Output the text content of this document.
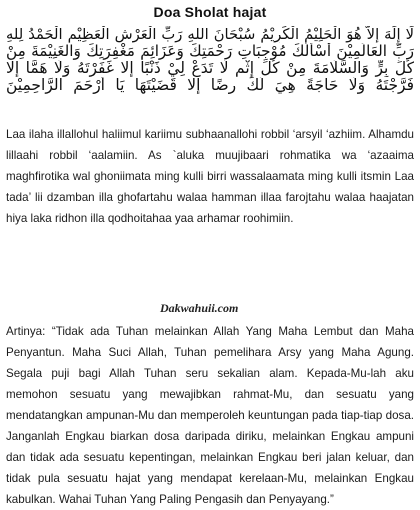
Doa Sholat hajat
لَا إِلَهَ إِلاَّ هُوَ الْحَلِيْمُ الْكَرِيْمُ سُبْحَانَ اللهِ رَبِّ الْعَرْشِ الْعَظِيْمِ الْحَمْدُ لِلهِ
رَبِّ الْعَالَمِيْنَ أَسْأَلُكَ مُوْجِبَاتِ رَحْمَتِكَ وَعَزَائِمَ مَغْفِرَتِكَ وَالْغَنِيْمَةَ مِنْ
كُلِّ بِرٍّ وَالسَّلَامَةَ مِنْ كُلِّ إِثْمٍ لَا تَدَعْ لِيْ ذَنْبًا إِلَّا غَفَرْتَهُ وَلَا هَمًّا إِلَّا
فَرَّجْتَهُ وَلَا حَاجَةً هِيَ لَكَ رِضًا إِلَّا قَضَيْتَهَا يَا أَرْحَمَ الرَّاحِمِيْنَ
Laa ilaha illallohul haliimul kariimu subhaanallohi robbil ‘arsyil ‘azhiim. Alhamdu lillaahi robbil ‘aalamiin. As `aluka muujibaari rohmatika wa ‘azaaima maghfirotika wal ghoniimata ming kulli birri wassalaamata ming kulli itsmin Laa tada’ lii dzamban illa ghofartahu walaa hamman illaa farojtahu walaa haajatan hiya laka ridhon illa qodhoitahaa yaa arhamar roohimiin.
Dakwahuii.com
Artinya: “Tidak ada Tuhan melainkan Allah Yang Maha Lembut dan Maha Penyantun. Maha Suci Allah, Tuhan pemelihara Arsy yang Maha Agung. Segala puji bagi Allah Tuhan seru sekalian alam. Kepada-Mu-lah aku memohon sesuatu yang mewajibkan rahmat-Mu, dan sesuatu yang mendatangkan ampunan-Mu dan memperoleh keuntungan pada tiap-tiap dosa. Janganlah Engkau biarkan dosa daripada diriku, melainkan Engkau ampuni dan tidak ada sesuatu kepentingan, melainkan Engkau beri jalan keluar, dan tidak pula sesuatu hajat yang mendapat kerelaan-Mu, melainkan Engkau kabulkan. Wahai Tuhan Yang Paling Pengasih dan Penyayang.”
